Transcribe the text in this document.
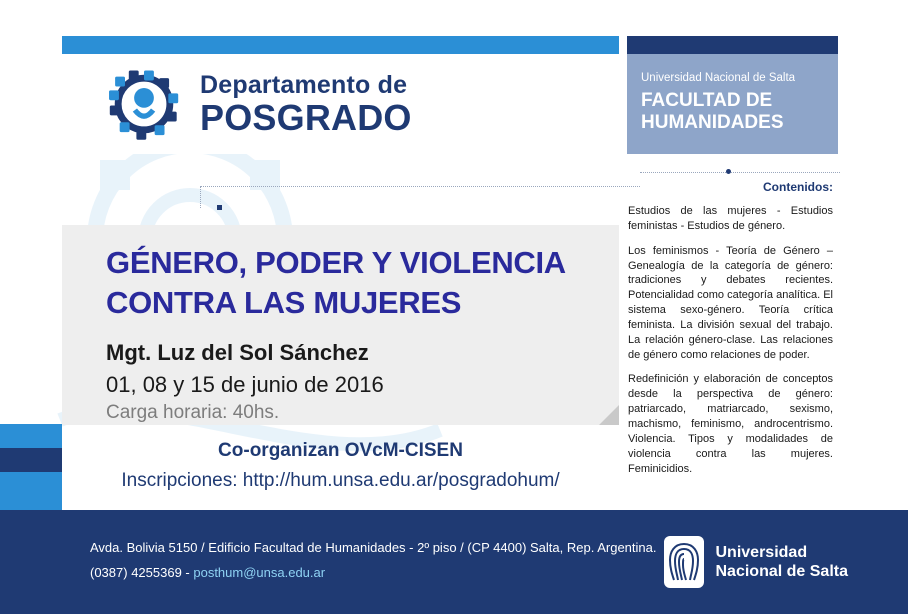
Departamento de
POSGRADO
Universidad Nacional de Salta
FACULTAD DE
HUMANIDADES
GÉNERO, PODER Y VIOLENCIA
CONTRA LAS MUJERES
Mgt. Luz del Sol Sánchez
01, 08 y 15 de junio de 2016
Carga horaria: 40hs.
Co-organizan OVcM-CISEN
Inscripciones: http://hum.unsa.edu.ar/posgradohum/
Contenidos:

Estudios de las mujeres - Estudios feministas - Estudios de género.

Los feminismos - Teoría de Género – Genealogía de la categoría de género: tradiciones y debates recientes. Potencialidad como categoría analítica. El sistema sexo-género. Teoría crítica feminista. La división sexual del trabajo. La relación género-clase. Las relaciones de género como relaciones de poder.

Redefinición y elaboración de conceptos desde la perspectiva de género: patriarcado, matriarcado, sexismo, machismo, feminismo, androcentrismo. Violencia. Tipos y modalidades de violencia contra las mujeres. Feminicidios.

Avda. Bolivia 5150 / Edificio Facultad de Humanidades - 2º piso / (CP 4400) Salta, Rep. Argentina.
(0387) 4255369 - posthum@unsa.edu.ar
Universidad
Nacional de Salta
